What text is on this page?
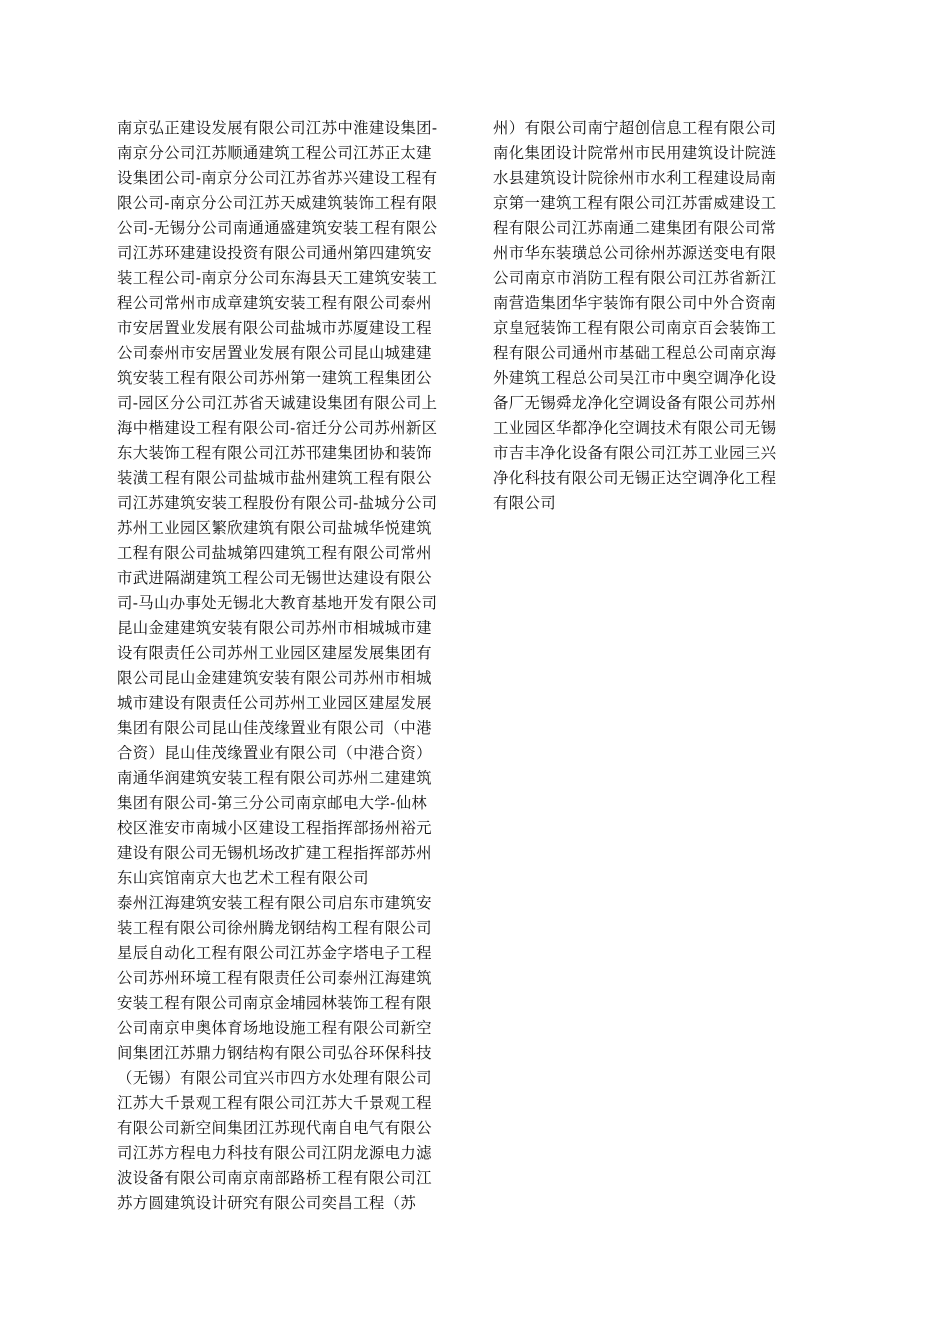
南京弘正建设发展有限公司江苏中淮建设集团-
南京分公司江苏顺通建筑工程公司江苏正太建
设集团公司-南京分公司江苏省苏兴建设工程有
限公司-南京分公司江苏天威建筑装饰工程有限
公司-无锡分公司南通通盛建筑安装工程有限公
司江苏环建建设投资有限公司通州第四建筑安
装工程公司-南京分公司东海县天工建筑安装工
程公司常州市成章建筑安装工程有限公司泰州
市安居置业发展有限公司盐城市苏厦建设工程
公司泰州市安居置业发展有限公司昆山城建建
筑安装工程有限公司苏州第一建筑工程集团公
司-园区分公司江苏省天诚建设集团有限公司上
海中楷建设工程有限公司-宿迁分公司苏州新区
东大装饰工程有限公司江苏邗建集团协和装饰
装潢工程有限公司盐城市盐州建筑工程有限公
司江苏建筑安装工程股份有限公司-盐城分公司
苏州工业园区繁欣建筑有限公司盐城华悦建筑
工程有限公司盐城第四建筑工程有限公司常州
市武进隔湖建筑工程公司无锡世达建设有限公
司-马山办事处无锡北大教育基地开发有限公司
昆山金建建筑安装有限公司苏州市相城城市建
设有限责任公司苏州工业园区建屋发展集团有
限公司昆山金建建筑安装有限公司苏州市相城
城市建设有限责任公司苏州工业园区建屋发展
集团有限公司昆山佳茂缘置业有限公司（中港
合资）昆山佳茂缘置业有限公司（中港合资）
南通华润建筑安装工程有限公司苏州二建建筑
集团有限公司-第三分公司南京邮电大学-仙林
校区淮安市南城小区建设工程指挥部扬州裕元
建设有限公司无锡机场改扩建工程指挥部苏州
东山宾馆南京大也艺术工程有限公司
泰州江海建筑安装工程有限公司启东市建筑安
装工程有限公司徐州腾龙钢结构工程有限公司
星辰自动化工程有限公司江苏金字塔电子工程
公司苏州环境工程有限责任公司泰州江海建筑
安装工程有限公司南京金埔园林装饰工程有限
公司南京申奥体育场地设施工程有限公司新空
间集团江苏鼎力钢结构有限公司弘谷环保科技
（无锡）有限公司宜兴市四方水处理有限公司
江苏大千景观工程有限公司江苏大千景观工程
有限公司新空间集团江苏现代南自电气有限公
司江苏方程电力科技有限公司江阴龙源电力滤
波设备有限公司南京南部路桥工程有限公司江
苏方圆建筑设计研究有限公司奕昌工程（苏
州）有限公司南宁超创信息工程有限公司
南化集团设计院常州市民用建筑设计院涟
水县建筑设计院徐州市水利工程建设局南
京第一建筑工程有限公司江苏雷威建设工
程有限公司江苏南通二建集团有限公司常
州市华东装璜总公司徐州苏源送变电有限
公司南京市消防工程有限公司江苏省新江
南营造集团华宇装饰有限公司中外合资南
京皇冠装饰工程有限公司南京百会装饰工
程有限公司通州市基础工程总公司南京海
外建筑工程总公司吴江市中奥空调净化设
备厂无锡舜龙净化空调设备有限公司苏州
工业园区华都净化空调技术有限公司无锡
市吉丰净化设备有限公司江苏工业园三兴
净化科技有限公司无锡正达空调净化工程
有限公司
